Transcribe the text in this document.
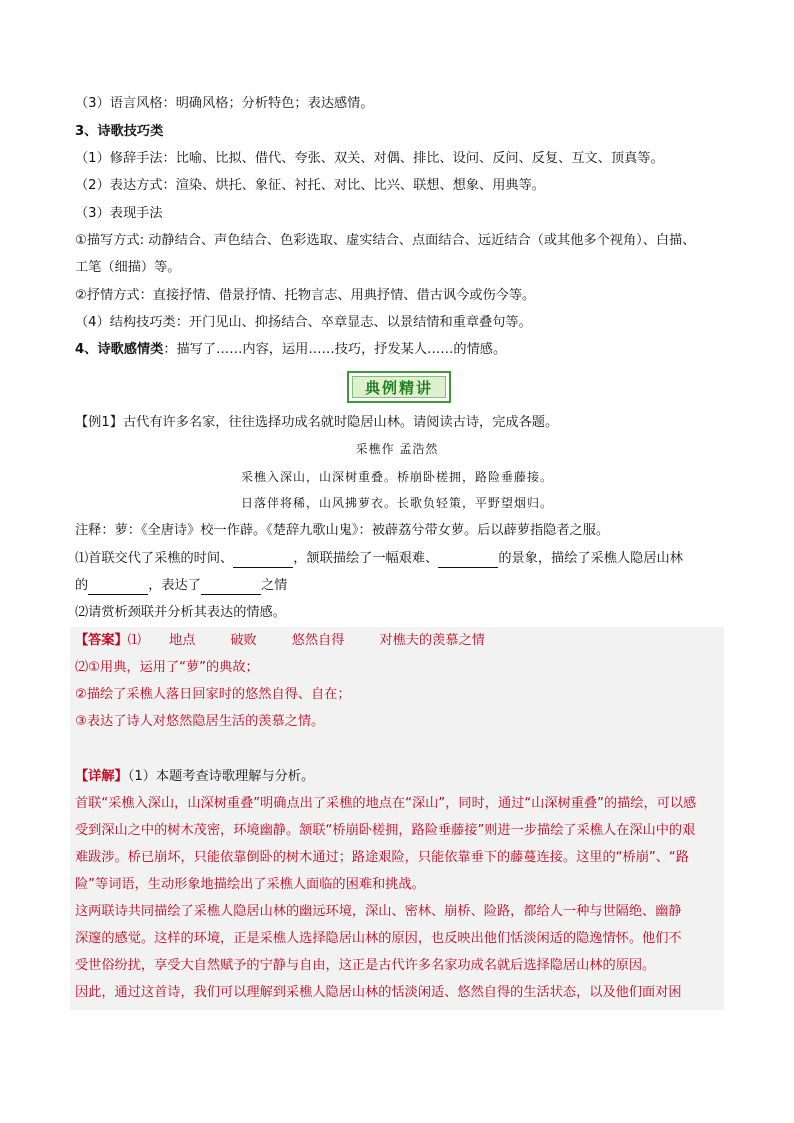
（3）语言风格：明确风格；分析特色；表达感情。
3、诗歌技巧类
（1）修辞手法：比喻、比拟、借代、夸张、双关、对偶、排比、设问、反问、反复、互文、顶真等。
（2）表达方式：渲染、烘托、象征、衬托、对比、比兴、联想、想象、用典等。
（3）表现手法
①描写方式: 动静结合、声色结合、色彩选取、虚实结合、点面结合、远近结合（或其他多个视角）、白描、
工笔（细描）等。
②抒情方式：直接抒情、借景抒情、托物言志、用典抒情、借古讽今或伤今等。
（4）结构技巧类：开门见山、抑扬结合、卒章显志、以景结情和重章叠句等。
4、诗歌感情类：描写了……内容，运用……技巧，抒发某人……的情感。
典例精讲
【例1】古代有许多名家，往往选择功成名就时隐居山林。请阅读古诗，完成各题。
采樵作 孟浩然
采樵入深山，山深树重叠。桥崩卧槎拥，路险垂藤接。
日落伴将稀，山风拂萝衣。长歌负轻策，平野望烟归。
注释：萝：《全唐诗》校一作薜。《楚辞九歌山鬼》：被薜荔兮带女萝。后以薜萝指隐者之服。
⑴首联交代了采樵的时间、	，颔联描绘了一幅艰难、	的景象，描绘了采樵人隐居山林
的	，表达了	之情
⑵请赏析颈联并分析其表达的情感。
【答案】⑴ 地点	破败	悠然自得	对樵夫的羡慕之情
⑵①用典，运用了“萝”的典故；
②描绘了采樵人落日回家时的悠然自得、自在；
③表达了诗人对悠然隐居生活的羡慕之情。
【详解】（1）本题考查诗歌理解与分析。
首联“采樵入深山，山深树重叠”明确点出了采樵的地点在“深山”，同时，通过“山深树重叠”的描绘，可以感
受到深山之中的树木茂密，环境幽静。颔联“桥崩卧槎拥，路险垂藤接”则进一步描绘了采樵人在深山中的艰
难跋涉。桥已崩坏，只能依靠倒卧的树木通过；路途艰险，只能依靠垂下的藤蔓连接。这里的“桥崩”、“路
险”等词语，生动形象地描绘出了采樵人面临的困难和挑战。
这两联诗共同描绘了采樵人隐居山林的幽远环境，深山、密林、崩桥、险路，都给人一种与世隔绝、幽静
深邃的感觉。这样的环境，正是采樵人选择隐居山林的原因，也反映出他们恬淡闲适的隐逸情怀。他们不
受世俗纷扰，享受大自然赋予的宁静与自由，这正是古代许多名家功成名就后选择隐居山林的原因。
因此，通过这首诗，我们可以理解到采樵人隐居山林的恬淡闲适、悠然自得的生活状态，以及他们面对困
